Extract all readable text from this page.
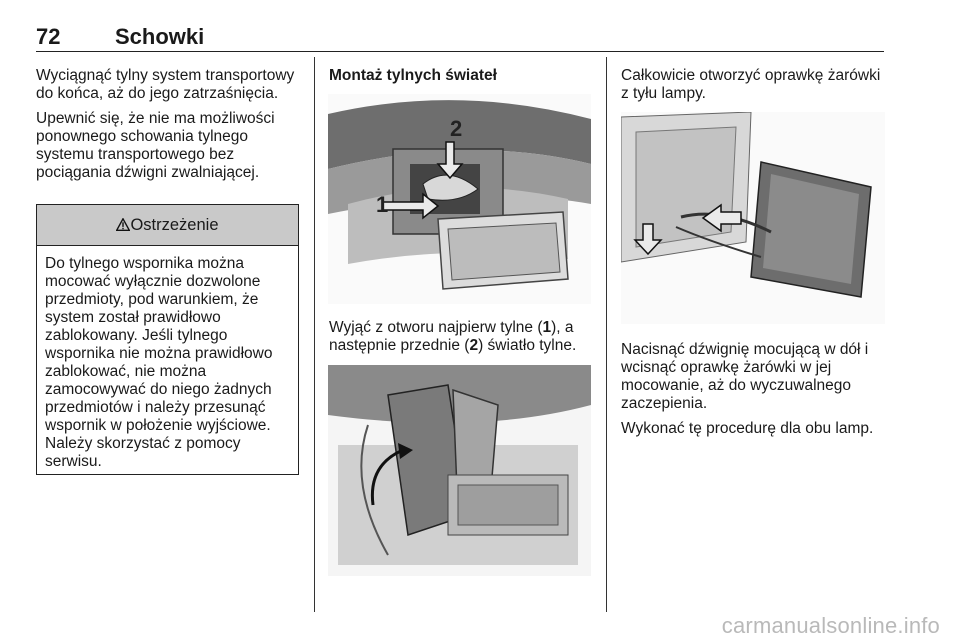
72 Schowki

Wyciągnąć tylny system transportowy do końca, aż do jego zatrzaśnięcia.

Upewnić się, że nie ma możliwości ponownego schowania tylnego systemu transportowego bez pociągania dźwigni zwalniającej.

Ostrzeżenie
Do tylnego wspornika można mocować wyłącznie dozwolone przedmioty, pod warunkiem, że system został prawidłowo zablokowany. Jeśli tylnego wspornika nie można prawidłowo zablokować, nie można zamocowywać do niego żadnych przedmiotów i należy przesunąć wspornik w położenie wyjściowe. Należy skorzystać z pomocy serwisu.
Montaż tylnych świateł
1
2
Wyjąć z otworu najpierw tylne (1), a następnie przednie (2) światło tylne.

Całkowicie otworzyć oprawkę żarówki z tyłu lampy.

Nacisnąć dźwignię mocującą w dół i wcisnąć oprawkę żarówki w jej mocowanie, aż do wyczuwalnego zaczepienia.

Wykonać tę procedurę dla obu lamp.

carmanualsonline.info
